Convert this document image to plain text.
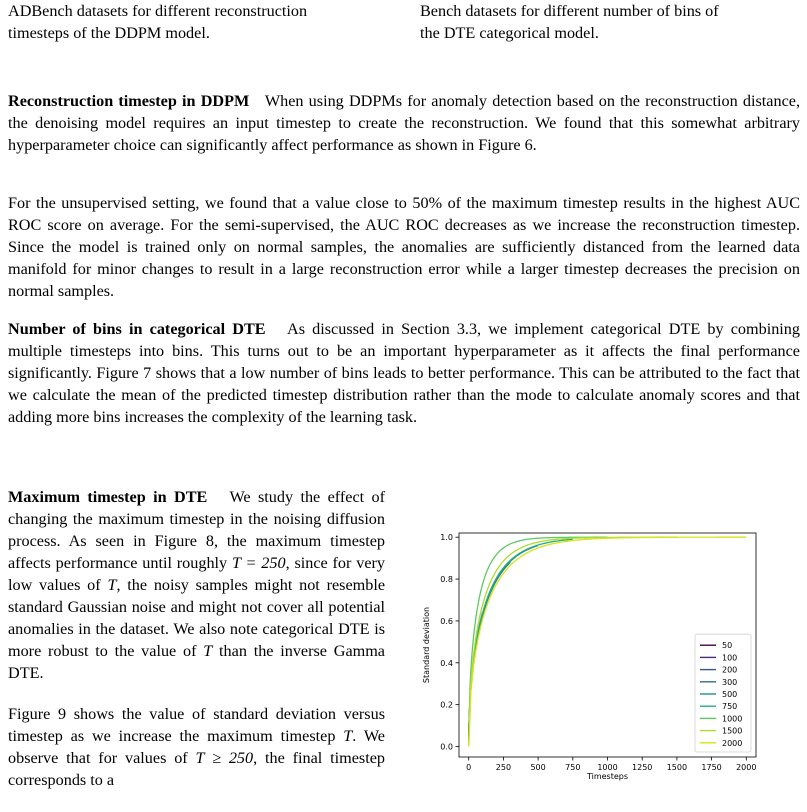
ADBench datasets for different reconstruction
timesteps of the DDPM model.
Bench datasets for different number of bins of
the DTE categorical model.

Reconstruction timestep in DDPM When using DDPMs for anomaly detection based on the reconstruction distance, the denoising model requires an input timestep to create the reconstruction. We found that this somewhat arbitrary hyperparameter choice can significantly affect performance as shown in Figure 6.

For the unsupervised setting, we found that a value close to 50% of the maximum timestep results in the highest AUC ROC score on average. For the semi-supervised, the AUC ROC decreases as we increase the reconstruction timestep. Since the model is trained only on normal samples, the anomalies are sufficiently distanced from the learned data manifold for minor changes to result in a large reconstruction error while a larger timestep decreases the precision on normal samples.

Number of bins in categorical DTE As discussed in Section 3.3, we implement categorical DTE by combining multiple timesteps into bins. This turns out to be an important hyperparameter as it affects the final performance significantly. Figure 7 shows that a low number of bins leads to better performance. This can be attributed to the fact that we calculate the mean of the predicted timestep distribution rather than the mode to calculate anomaly scores and that adding more bins increases the complexity of the learning task.

Maximum timestep in DTE We study the effect of changing the maximum timestep in the noising diffusion process. As seen in Figure 8, the maximum timestep affects performance until roughly T = 250, since for very low values of T, the noisy samples might not resemble standard Gaussian noise and might not cover all potential anomalies in the dataset. We also note categorical DTE is more robust to the value of T than the inverse Gamma DTE.

Figure 9 shows the value of standard deviation versus timestep as we increase the maximum timestep T. We observe that for values of T ≥ 250, the final timestep corresponds to a

0	250 500 750 1000 1250 1500 1750 2000
0.0
0.2
0.4
0.6
0.8
1.0
Timesteps
Standard deviation	50
100
200
300
500
750
1000
1500
2000
